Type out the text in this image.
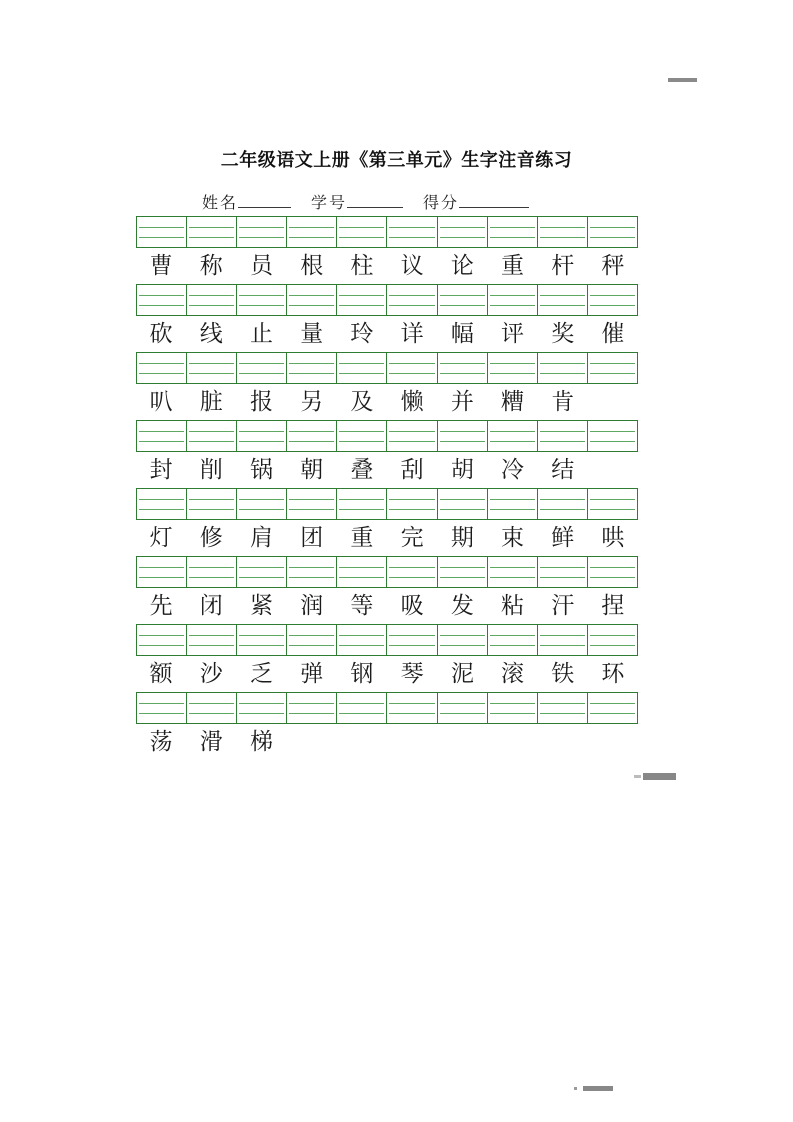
二年级语文上册《第三单元》生字注音练习
姓名	学号	得分
曹	称	员	根	柱	议	论	重	杆	秤
砍	线	止	量	玲	详	幅	评	奖	催
叭	脏	报	另	及	懒	并	糟	肯
封	削	锅	朝	叠	刮	胡	冷	结
灯	修	肩	团	重	完	期	束	鲜	哄
先	闭	紧	润	等	吸	发	粘	汗	捏
额	沙	乏	弹	钢	琴	泥	滚	铁	环
荡	滑	梯
